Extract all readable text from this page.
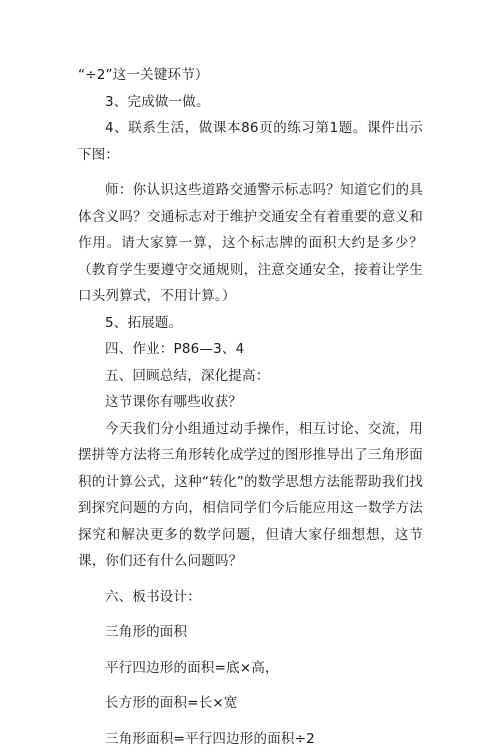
“÷2”这一关键环节）
3、完成做一做。
4、联系生活，做课本86页的练习第1题。课件出示下图：
师：你认识这些道路交通警示标志吗？知道它们的具体含义吗？交通标志对于维护交通安全有着重要的意义和作用。请大家算一算，这个标志牌的面积大约是多少？（教育学生要遵守交通规则，注意交通安全，接着让学生口头列算式，不用计算。）
5、拓展题。
四、作业：P86—3、4
五、回顾总结，深化提高：
这节课你有哪些收获？
今天我们分小组通过动手操作，相互讨论、交流，用摆拼等方法将三角形转化成学过的图形推导出了三角形面积的计算公式，这种“转化”的数学思想方法能帮助我们找到探究问题的方向，相信同学们今后能应用这一数学方法探究和解决更多的数学问题，但请大家仔细想想，这节课，你们还有什么问题吗？
六、板书设计：
三角形的面积
平行四边形的面积=底×高，
长方形的面积=长×宽
三角形面积=平行四边形的面积÷2
